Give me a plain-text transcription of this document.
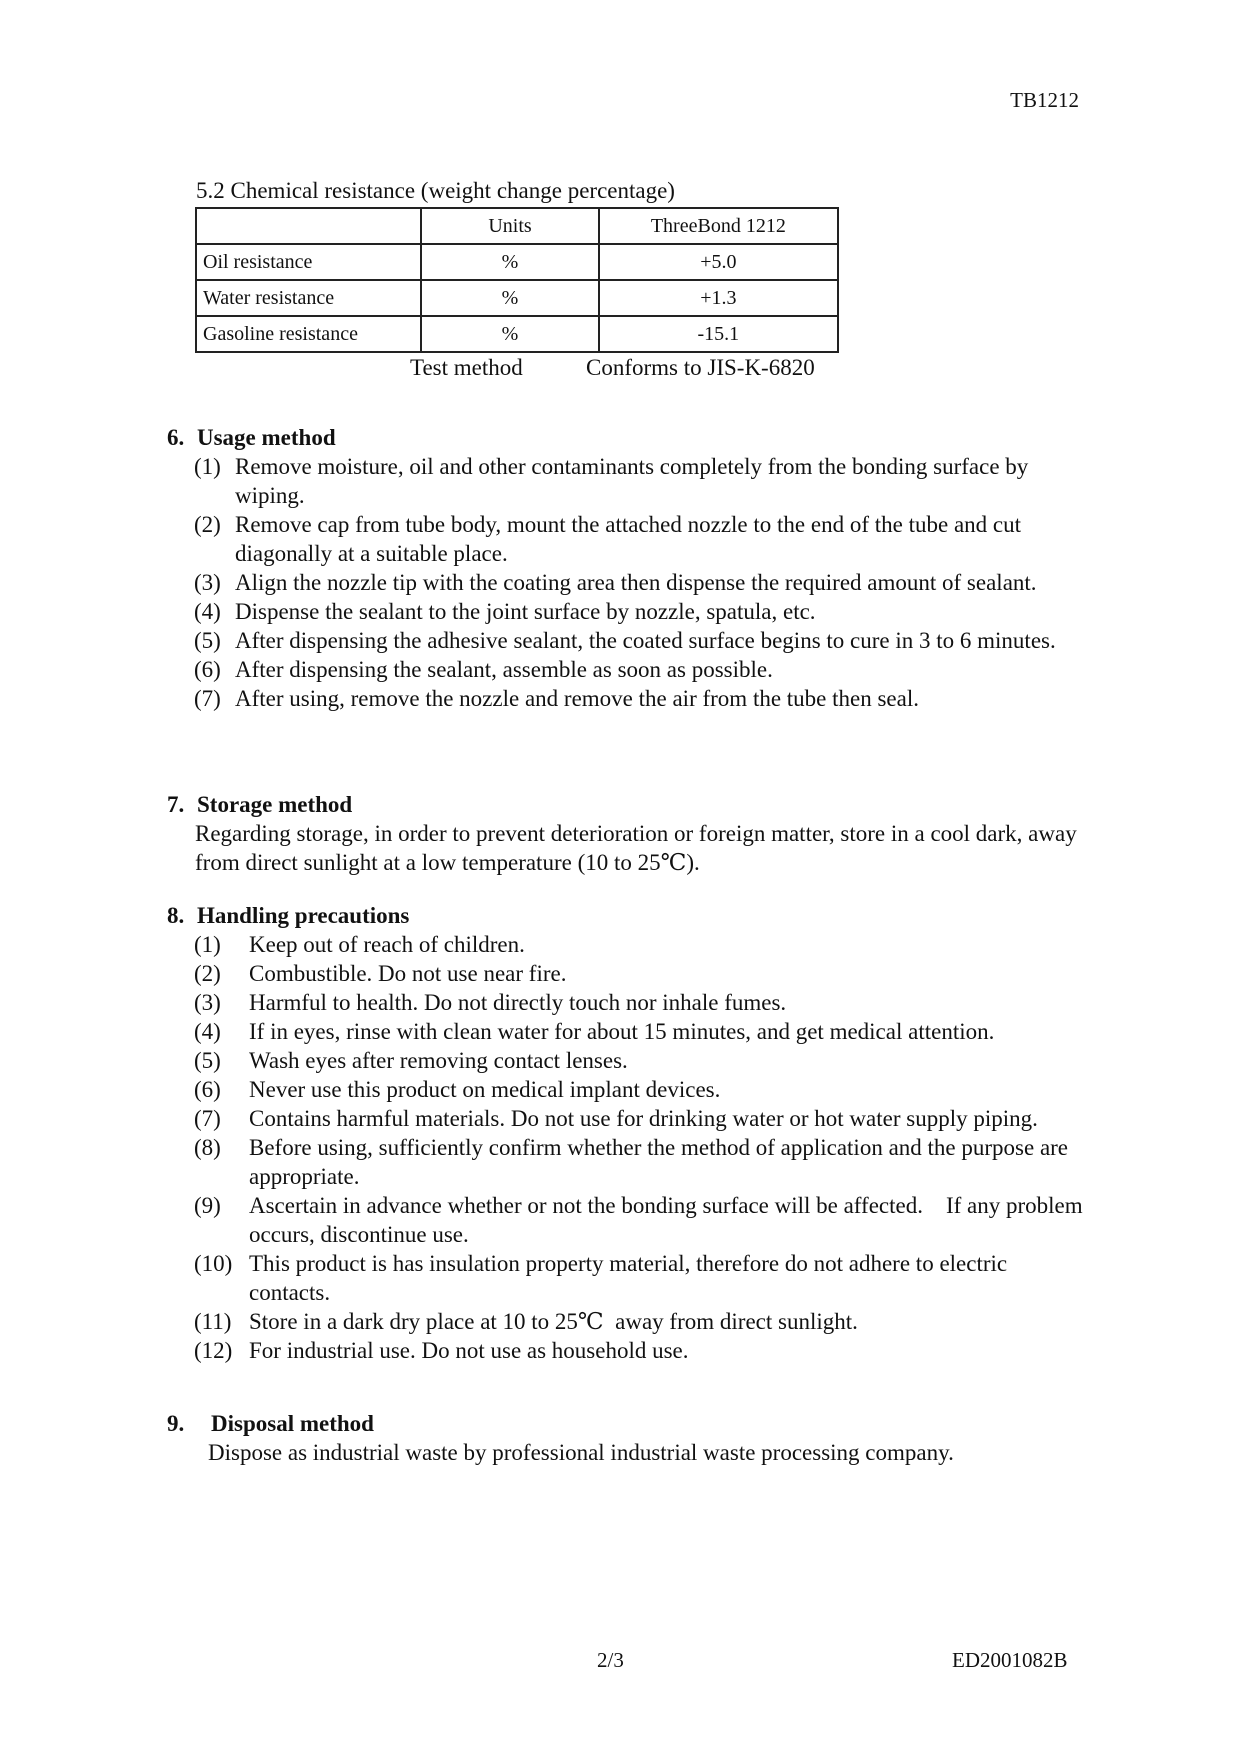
TB1212
5.2 Chemical resistance (weight change percentage)
	Units	ThreeBond 1212
Oil resistance	%	+5.0
Water resistance	%	+1.3
Gasoline resistance	%	-15.1
Test method	Conforms to JIS-K-6820
6. Usage method
(1) Remove moisture, oil and other contaminants completely from the bonding surface by wiping.
(2) Remove cap from tube body, mount the attached nozzle to the end of the tube and cut diagonally at a suitable place.
(3) Align the nozzle tip with the coating area then dispense the required amount of sealant.
(4) Dispense the sealant to the joint surface by nozzle, spatula, etc.
(5) After dispensing the adhesive sealant, the coated surface begins to cure in 3 to 6 minutes.
(6) After dispensing the sealant, assemble as soon as possible.
(7) After using, remove the nozzle and remove the air from the tube then seal.
7. Storage method

Regarding storage, in order to prevent deterioration or foreign matter, store in a cool dark, away from direct sunlight at a low temperature (10 to 25℃).

8. Handling precautions
(1) Keep out of reach of children.
(2) Combustible. Do not use near fire.
(3) Harmful to health. Do not directly touch nor inhale fumes.
(4) If in eyes, rinse with clean water for about 15 minutes, and get medical attention.
(5) Wash eyes after removing contact lenses.
(6) Never use this product on medical implant devices.
(7) Contains harmful materials. Do not use for drinking water or hot water supply piping.
(8) Before using, sufficiently confirm whether the method of application and the purpose are appropriate.
(9) Ascertain in advance whether or not the bonding surface will be affected.    If any problem occurs, discontinue use.
(10) This product is has insulation property material, therefore do not adhere to electric contacts.
(11) Store in a dark dry place at 10 to 25℃  away from direct sunlight.
(12) For industrial use. Do not use as household use.
9. Disposal method

Dispose as industrial waste by professional industrial waste processing company.

2/3	ED2001082B
